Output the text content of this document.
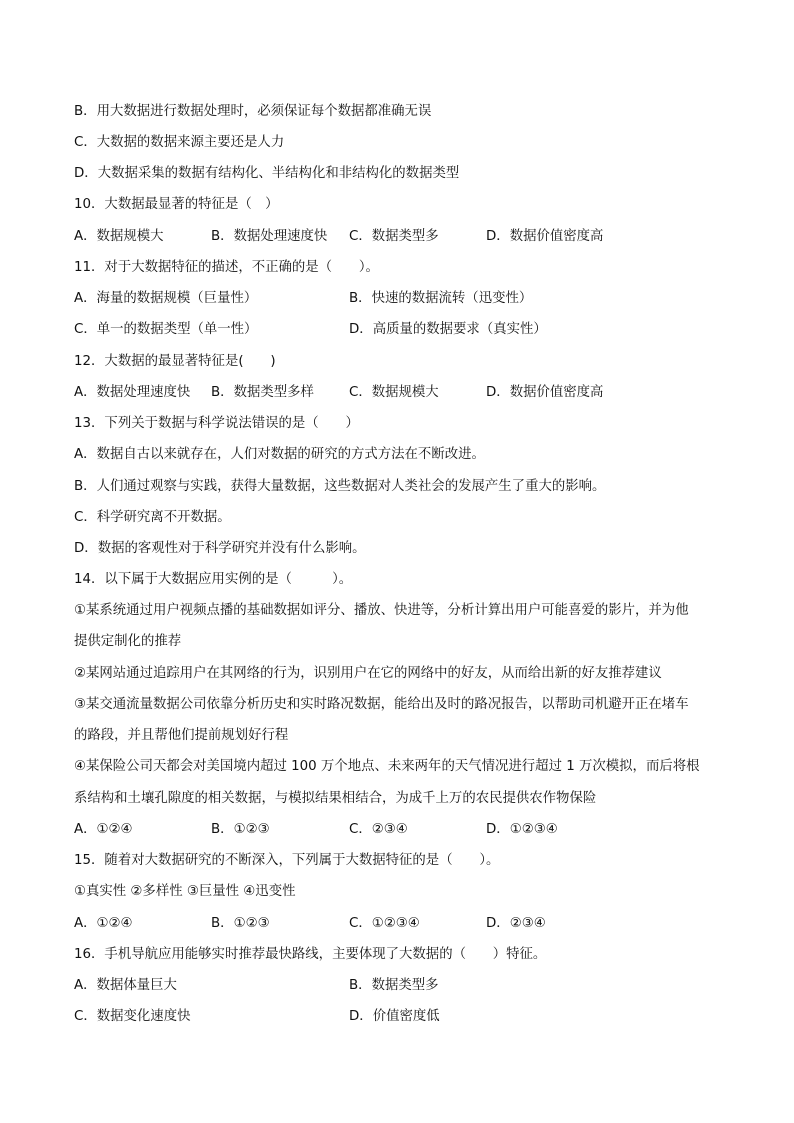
B．用大数据进行数据处理时，必须保证每个数据都准确无误
C．大数据的数据来源主要还是人力
D．大数据采集的数据有结构化、半结构化和非结构化的数据类型
10．大数据最显著的特征是（　）
A．数据规模大	B．数据处理速度快 C．数据类型多	D．数据价值密度高
11．对于大数据特征的描述，不正确的是（　　）。
A．海量的数据规模（巨量性）	B．快速的数据流转（迅变性）
C．单一的数据类型（单一性）	D．高质量的数据要求（真实性）
12．大数据的最显著特征是(　　)
A．数据处理速度快 B．数据类型多样	C．数据规模大	D．数据价值密度高
13．下列关于数据与科学说法错误的是（　　）
A．数据自古以来就存在，人们对数据的研究的方式方法在不断改进。
B．人们通过观察与实践，获得大量数据，这些数据对人类社会的发展产生了重大的影响。
C．科学研究离不开数据。
D．数据的客观性对于科学研究并没有什么影响。
14．以下属于大数据应用实例的是（　　　）。
①某系统通过用户视频点播的基础数据如评分、播放、快进等，分析计算出用户可能喜爱的影片，并为他
提供定制化的推荐
②某网站通过追踪用户在其网络的行为，识别用户在它的网络中的好友，从而给出新的好友推荐建议
③某交通流量数据公司依靠分析历史和实时路况数据，能给出及时的路况报告，以帮助司机避开正在堵车
的路段，并且帮他们提前规划好行程
④某保险公司天都会对美国境内超过 100 万个地点、未来两年的天气情况进行超过 1 万次模拟，而后将根
系结构和土壤孔隙度的相关数据，与模拟结果相结合，为成千上万的农民提供农作物保险
A．①②④	B．①②③	C．②③④	D．①②③④
15．随着对大数据研究的不断深入，下列属于大数据特征的是（　　）。
①真实性 ②多样性 ③巨量性 ④迅变性
A．①②④	B．①②③	C．①②③④	D．②③④
16．手机导航应用能够实时推荐最快路线，主要体现了大数据的（　　）特征。
A．数据体量巨大	B．数据类型多
C．数据变化速度快	D．价值密度低
